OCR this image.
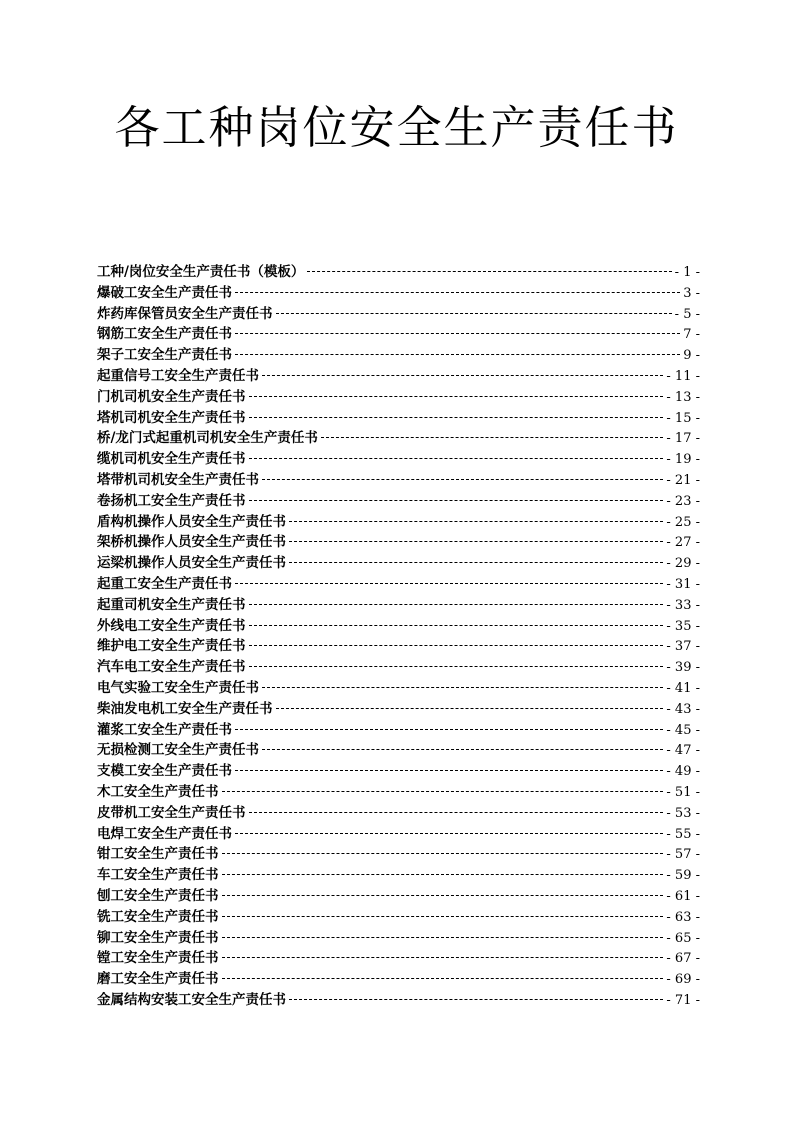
各工种岗位安全生产责任书
工种/岗位安全生产责任书（模板）	- 1 -
爆破工安全生产责任书	3 -
炸药库保管员安全生产责任书	- 5 -
钢筋工安全生产责任书	7 -
架子工安全生产责任书	9 -
起重信号工安全生产责任书	- 11 -
门机司机安全生产责任书	- 13 -
塔机司机安全生产责任书	- 15 -
桥/龙门式起重机司机安全生产责任书	- 17 -
缆机司机安全生产责任书	- 19 -
塔带机司机安全生产责任书	- 21 -
卷扬机工安全生产责任书	- 23 -
盾构机操作人员安全生产责任书	- 25 -
架桥机操作人员安全生产责任书	- 27 -
运梁机操作人员安全生产责任书	- 29 -
起重工安全生产责任书	- 31 -
起重司机安全生产责任书	- 33 -
外线电工安全生产责任书	- 35 -
维护电工安全生产责任书	- 37 -
汽车电工安全生产责任书	- 39 -
电气实验工安全生产责任书	- 41 -
柴油发电机工安全生产责任书	- 43 -
灌浆工安全生产责任书	- 45 -
无损检测工安全生产责任书	- 47 -
支模工安全生产责任书	- 49 -
木工安全生产责任书	- 51 -
皮带机工安全生产责任书	- 53 -
电焊工安全生产责任书	- 55 -
钳工安全生产责任书	- 57 -
车工安全生产责任书	- 59 -
刨工安全生产责任书	- 61 -
铣工安全生产责任书	- 63 -
铆工安全生产责任书	- 65 -
镗工安全生产责任书	- 67 -
磨工安全生产责任书	- 69 -
金属结构安装工安全生产责任书	- 71 -
